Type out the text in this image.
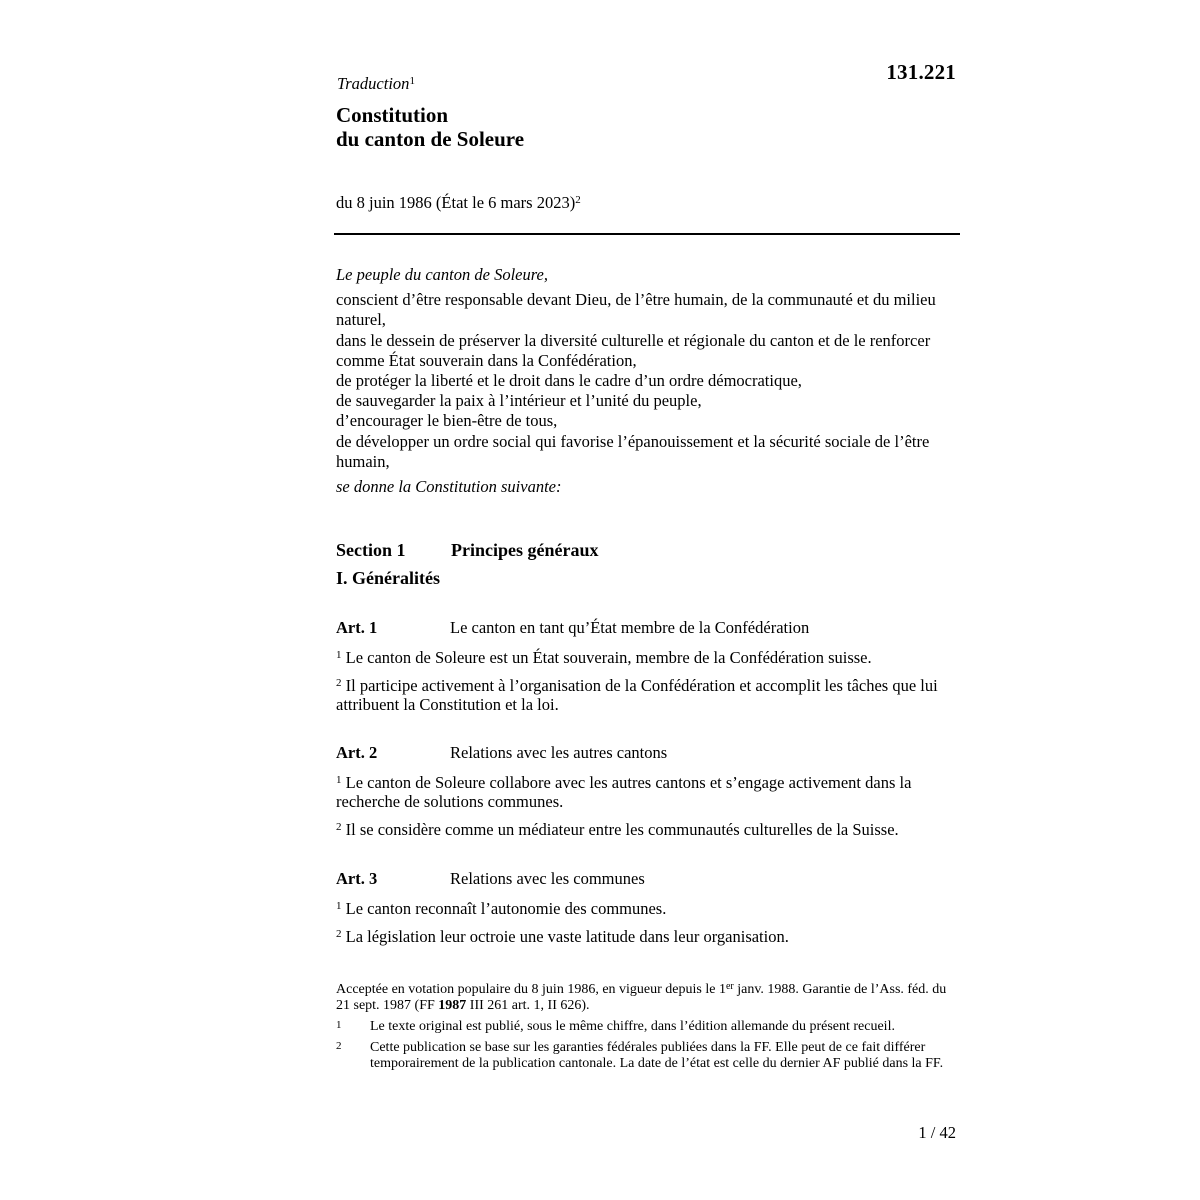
131.221
Traduction$^1$
Constitution
du canton de Soleure
du 8 juin 1986 (État le 6 mars 2023)$^2$
Le peuple du canton de Soleure,

conscient d’être responsable devant Dieu, de l’être humain, de la communauté et du milieu naturel,

dans le dessein de préserver la diversité culturelle et régionale du canton et de le renforcer comme État souverain dans la Confédération,

de protéger la liberté et le droit dans le cadre d’un ordre démocratique,

de sauvegarder la paix à l’intérieur et l’unité du peuple,

d’encourager le bien-être de tous,

de développer un ordre social qui favorise l’épanouissement et la sécurité sociale de l’être humain,

se donne la Constitution suivante:
Section 1	Principes généraux
I. Généralités
Art. 1	Le canton en tant qu’État membre de la Confédération
$^1$ Le canton de Soleure est un État souverain, membre de la Confédération suisse.
$^2$ Il participe activement à l’organisation de la Confédération et accomplit les tâches que lui attribuent la Constitution et la loi.
Art. 2	Relations avec les autres cantons
$^1$ Le canton de Soleure collabore avec les autres cantons et s’engage activement dans la recherche de solutions communes.
$^2$ Il se considère comme un médiateur entre les communautés culturelles de la Suisse.
Art. 3	Relations avec les communes
$^1$ Le canton reconnaît l’autonomie des communes.
$^2$ La législation leur octroie une vaste latitude dans leur organisation.
Acceptée en votation populaire du 8 juin 1986, en vigueur depuis le 1er janv. 1988. Garantie de l’Ass. féd. du 21 sept. 1987 (FF 1987 III 261 art. 1, II 626).
1	Le texte original est publié, sous le même chiffre, dans l’édition allemande du présent recueil.
2	Cette publication se base sur les garanties fédérales publiées dans la FF. Elle peut de ce fait différer temporairement de la publication cantonale. La date de l’état est celle du dernier AF publié dans la FF.
1 / 42
